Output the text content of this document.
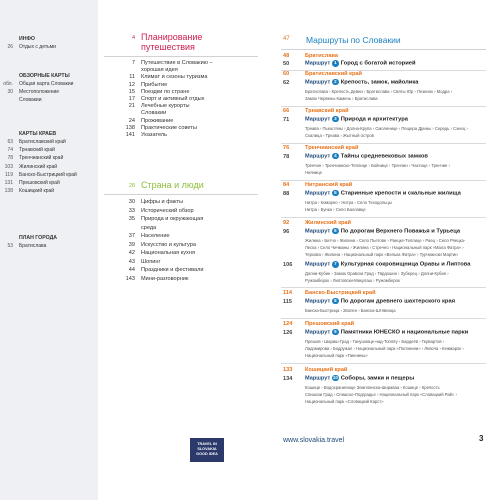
ИНФО
26 Отдых с детьми
ОБЗОРНЫЕ КАРТЫ
обл. Общая карта Словакии
30 Местоположение
Словакии
КАРТЫ КРАЕВ
63 Братиславский край
74 Трнавский край
78 Тренчианский край
103 Жилинский край
119 Банско-Быстрицкий край
131 Прешовский край
138 Кошицкий край
ПЛАН ГОРОДА
53 Братислава
4 Планирование
путешествия
7 Путешествие в Словакию –
хорошая идея
11 Климат и сезоны туризма
12 Прибытие
15 Поездки по стране
17 Спорт и активный отдых
21 Лечебные курорты
Словакии
24 Проживание
138 Практические советы
141 Указатель
28 Страна и люди
30 Цифры и факты
33 Исторический обзор
35 Природа и окружающая
среда
37 Население
39 Искусство и культура
42 Национальная кухня
43 Шопинг
44 Праздники и фестивали
143 Мини-разговорник
47 Маршруты по Словакии
48	Братислава
50	Маршрут 1 Город с богатой историей
60	Братиславский край
62	Маршрут 2 Крепость, замок, майолика
Братислава › Крепость Девин › Братислава › Святы Юр › Пезинок › Модра ›
Замок Червены Камень › Братислава
66	Трнавский край
71	Маршрут 3 Природа и архитектура
Трнава › Пьештяны › Долна-Крупа › Смоленице › Пещера Дрины › Середь › Сэнец ›
Скалица › Трнава › Жытный остров
76	Тренчианский край
78	Маршрут 4 Тайны средневековых замков
Тренчин › Тренчианске-Теплице › Бойнице › Тренчин › Чахтице › Тренчин ›
Ннянице
84	Нитранский край
88	Маршрут 5 Старинные крепости и скальные жилища
Нитра › Комарно › Нитра › Село Теходольцы
Нитра › Бунка › Село Бахлавце
92	Жилинский край
96	Маршрут 6 По дорогам Верхнего Поважья и Турьеца
Жилина › Битча › Жилина › Село Пьетове › Раецке-Теплице › Раец › Село Ряецка-
Леска › Село Чичманы › Жилина › Стречно › Национальный парк «Мала Фатра» ›
Терхова › Жилина › Национальный парк «Велька Фатра» › Турчиански Мартин
106 Маршрут 7 Культурная сокровищница Оравы и Липтова
Долни-Кубин › Замок Оравски Град › Тврдошин › Зуберец › Долни-Кубин ›
Ружомберок › Липтовски-Микулаш › Ружомберок
114 Банско-Быстрицкий край
115 Маршрут 8 По дорогам древнего шахтерского края
Банска-Быстрица › Зволен › Банска-Штявница
124 Прешовский край
126 Маршрут 9 Памятники ЮНЕСКО и национальные парки
Прешов › Шариш-Град › Ганушовце-над-Топлёу › Бардеёв › Гервартов ›
Ладомирова › Бодружал › Национальный парк «Полонини» › Левоча › Кежмарок ›
Национальный парк «Пиенины»
133 Кошицкий край
134 Маршрут 10 Соборы, замки и пещеры
Кошице › Водохранилище Земплинска-Шираваа › Кошице › Крепость
Спишски Град › Спишске-Подградье › Национальный парк «Словацкий Рай» ›
Национальный парк «Словацкий Карст»
TRAVEL IN
SLOVAKIA
GOOD IDEA
www.slovakia.travel	3
